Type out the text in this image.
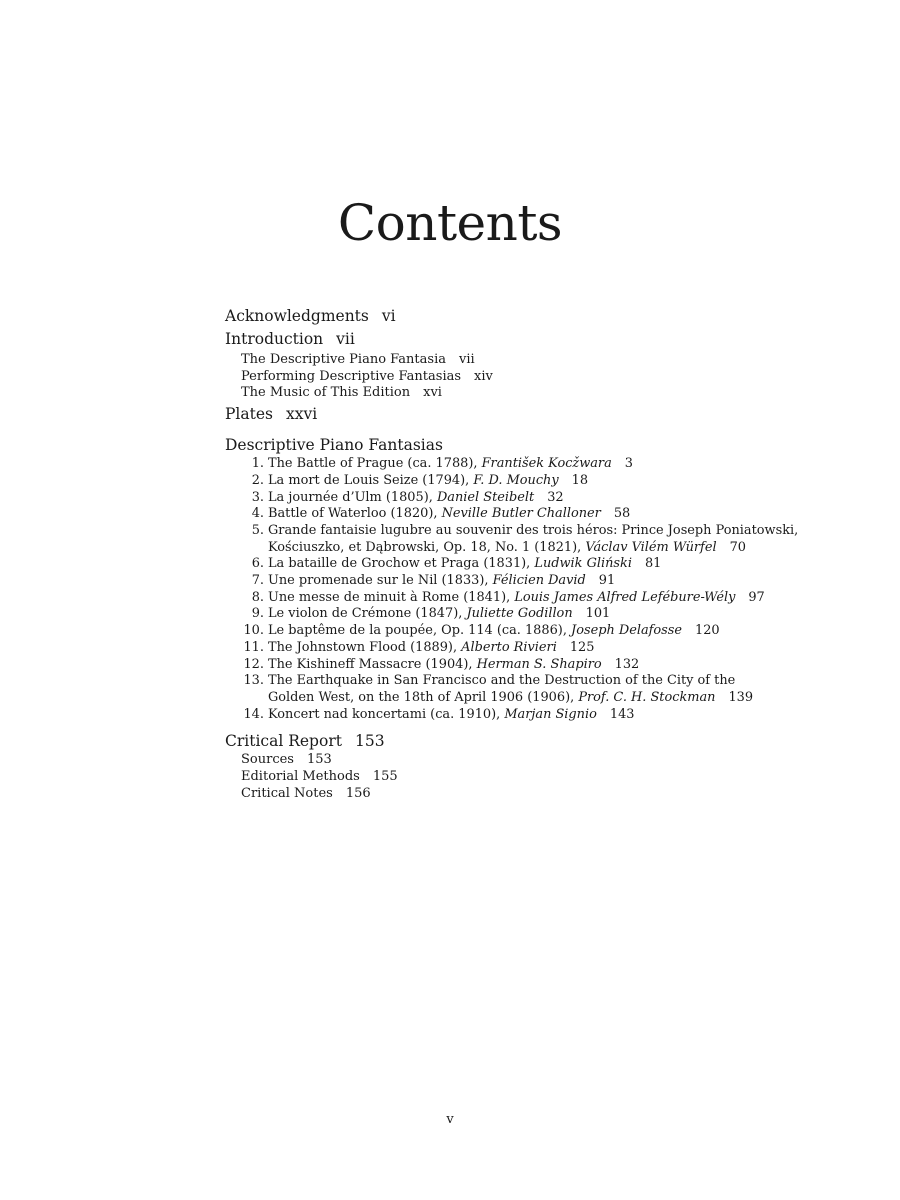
Contents
Acknowledgments vi
Introduction vii
The Descriptive Piano Fantasia vii
Performing Descriptive Fantasias xiv
The Music of This Edition xvi
Plates xxvi
Descriptive Piano Fantasias
1. The Battle of Prague (ca. 1788), František Kocžwara 3
2. La mort de Louis Seize (1794), F. D. Mouchy 18
3. La journée d’Ulm (1805), Daniel Steibelt 32
4. Battle of Waterloo (1820), Neville Butler Challoner 58
5. Grande fantaisie lugubre au souvenir des trois héros: Prince Joseph Poniatowski,
Kościuszko, et Dąbrowski, Op. 18, No. 1 (1821), Václav Vilém Würfel 70
6. La bataille de Grochow et Praga (1831), Ludwik Gliński 81
7. Une promenade sur le Nil (1833), Félicien David 91
8. Une messe de minuit à Rome (1841), Louis James Alfred Lefébure-Wély 97
9. Le violon de Crémone (1847), Juliette Godillon 101
10. Le baptême de la poupée, Op. 114 (ca. 1886), Joseph Delafosse 120
11. The Johnstown Flood (1889), Alberto Rivieri 125
12. The Kishineff Massacre (1904), Herman S. Shapiro 132
13. The Earthquake in San Francisco and the Destruction of the City of the
Golden West, on the 18th of April 1906 (1906), Prof. C. H. Stockman 139
14. Koncert nad koncertami (ca. 1910), Marjan Signio 143
Critical Report 153
Sources 153
Editorial Methods 155
Critical Notes 156
v
